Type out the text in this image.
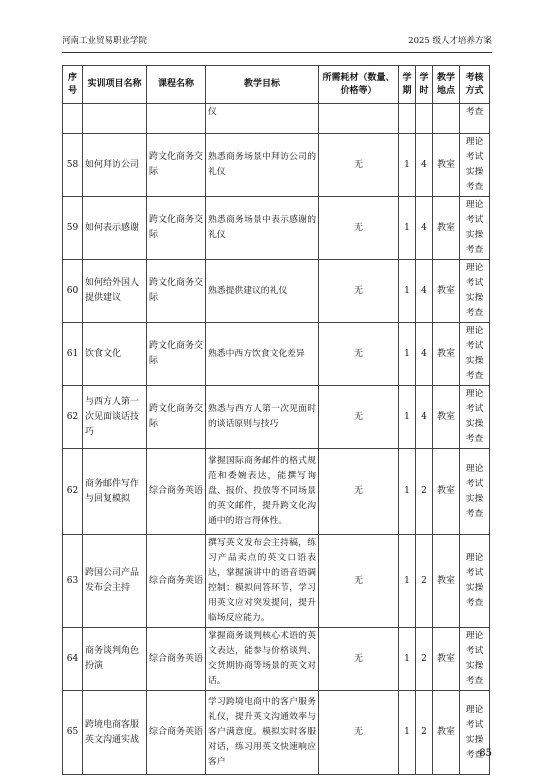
河南工业贸易职业学院	2025 级人才培养方案
序号	实训项目名称	课程名称	教学目标	所需耗材（数量、价格等）	学期	学时	教学地点	考核方式
			仪					考查

58	如何拜访公司	跨文化商务交际	熟悉商务场景中拜访公司的礼仪	无	1	4	教室	理论
考试
实操
考查

59	如何表示感谢	跨文化商务交际	熟悉商务场景中表示感谢的礼仪	无	1	4	教室	理论
考试
实操
考查

60	如何给外国人提供建议	跨文化商务交际	熟悉提供建议的礼仪	无	1	4	教室	理论
考试
实操
考查

61	饮食文化	跨文化商务交际	熟悉中西方饮食文化差异	无	1	4	教室	理论
考试
实操
考查

62	与西方人第一次见面谈话技巧	跨文化商务交际	熟悉与西方人第一次见面时的谈话原则与技巧	无	1	4	教室	理论
考试
实操
考查

62	商务邮件写作与回复模拟	综合商务英语	掌握国际商务邮件的格式规范和委婉表达，能撰写询盘、报价、投放等不同场景的英文邮件，提升跨文化沟通中的语言得体性。	无	1	2	教室	理论
考试
实操
考查

63	跨国公司产品发布会主持	综合商务英语	撰写英文发布会主持稿，练习产品卖点的英文口语表达，掌握演讲中的语音语调控制；模拟问答环节，学习用英文应对突发提问，提升临场反应能力。	无	1	2	教室	理论
考试
实操
考查

64	商务谈判角色扮演	综合商务英语	掌握商务谈判核心术语的英文表达，能参与价格谈判、交货期协商等场景的英文对话。	无	1	2	教室	理论
考试
实操
考查

65	跨境电商客服英文沟通实战	综合商务英语	学习跨境电商中的客户服务礼仪，提升英文沟通效率与客户满意度。模拟实时客服对话，练习用英文快速响应客户	无	1	2	教室	理论
考试
实操
考查
85
